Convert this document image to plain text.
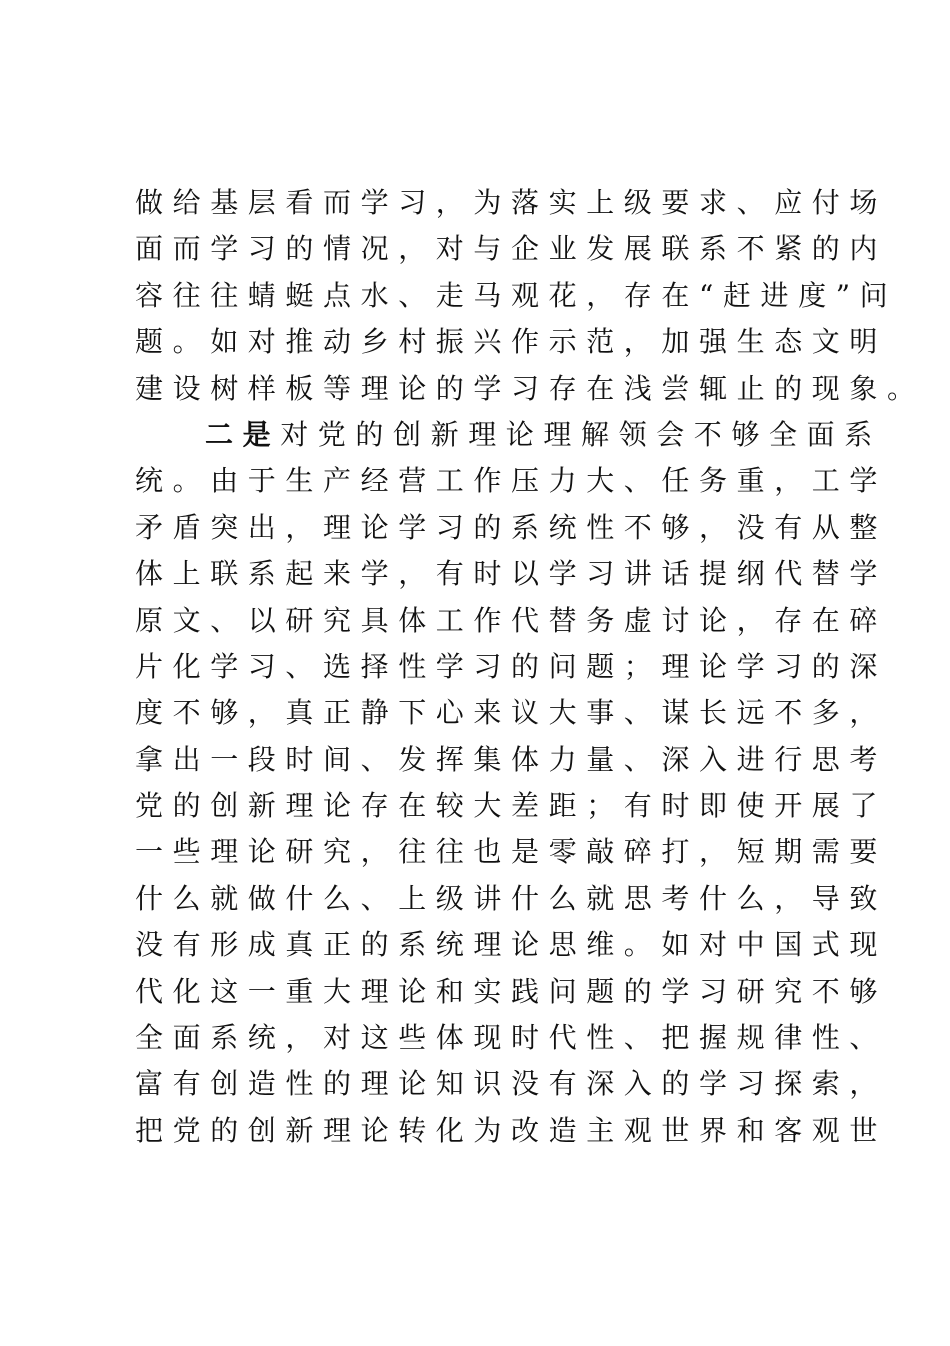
做给基层看而学习，为落实上级要求、应付场
面而学习的情况，对与企业发展联系不紧的内
容往往蜻蜓点水、走马观花，存在“赶进度”问
题。如对推动乡村振兴作示范，加强生态文明
建设树样板等理论的学习存在浅尝辄止的现象。
二是对党的创新理论理解领会不够全面系
统。由于生产经营工作压力大、任务重，工学
矛盾突出，理论学习的系统性不够，没有从整
体上联系起来学，有时以学习讲话提纲代替学
原文、以研究具体工作代替务虚讨论，存在碎
片化学习、选择性学习的问题；理论学习的深
度不够，真正静下心来议大事、谋长远不多，
拿出一段时间、发挥集体力量、深入进行思考
党的创新理论存在较大差距；有时即使开展了
一些理论研究，往往也是零敲碎打，短期需要
什么就做什么、上级讲什么就思考什么，导致
没有形成真正的系统理论思维。如对中国式现
代化这一重大理论和实践问题的学习研究不够
全面系统，对这些体现时代性、把握规律性、
富有创造性的理论知识没有深入的学习探索，
把党的创新理论转化为改造主观世界和客观世
